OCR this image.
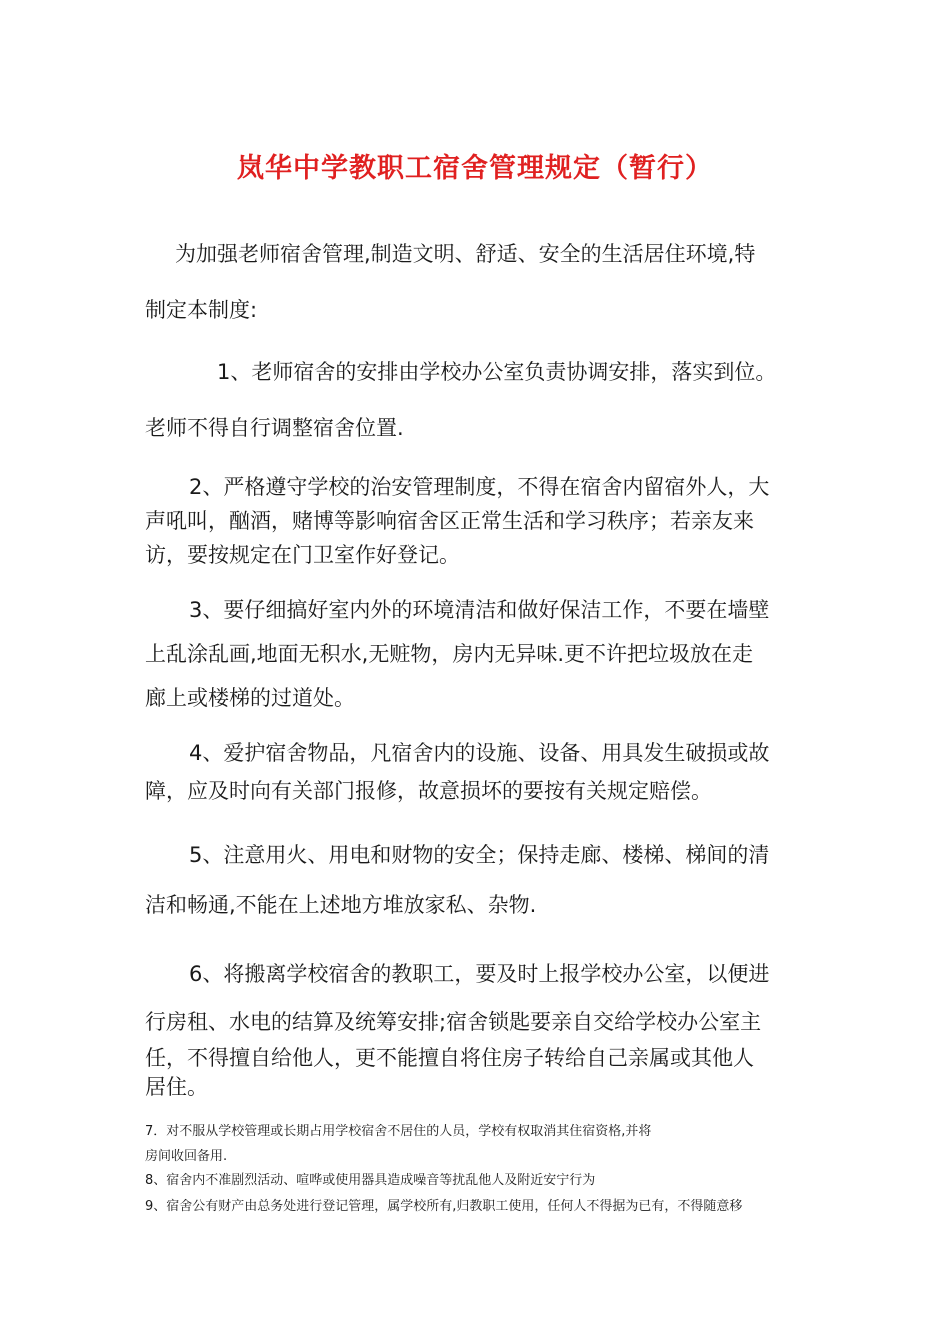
岚华中学教职工宿舍管理规定（暂行）

为加强老师宿舍管理,制造文明、舒适、安全的生活居住环境,特
制定本制度:

1、老师宿舍的安排由学校办公室负责协调安排，落实到位。
老师不得自行调整宿舍位置.

2、严格遵守学校的治安管理制度，不得在宿舍内留宿外人，大
声吼叫，酗酒，赌博等影响宿舍区正常生活和学习秩序；若亲友来
访，要按规定在门卫室作好登记。

3、要仔细搞好室内外的环境清洁和做好保洁工作，不要在墙壁
上乱涂乱画,地面无积水,无赃物，房内无异味.更不许把垃圾放在走
廊上或楼梯的过道处。

4、爱护宿舍物品，凡宿舍内的设施、设备、用具发生破损或故
障，应及时向有关部门报修，故意损坏的要按有关规定赔偿。

5、注意用火、用电和财物的安全；保持走廊、楼梯、梯间的清
洁和畅通,不能在上述地方堆放家私、杂物.

6、将搬离学校宿舍的教职工，要及时上报学校办公室，以便进
行房租、水电的结算及统筹安排;宿舍锁匙要亲自交给学校办公室主
任，不得擅自给他人，更不能擅自将住房子转给自己亲属或其他人
居住。

7．对不服从学校管理或长期占用学校宿舍不居住的人员，学校有权取消其住宿资格,并将
房间收回备用.

8、宿舍内不准剧烈活动、喧哗或使用器具造成噪音等扰乱他人及附近安宁行为

9、宿舍公有财产由总务处进行登记管理，属学校所有,归教职工使用，任何人不得据为已有，不得随意移
